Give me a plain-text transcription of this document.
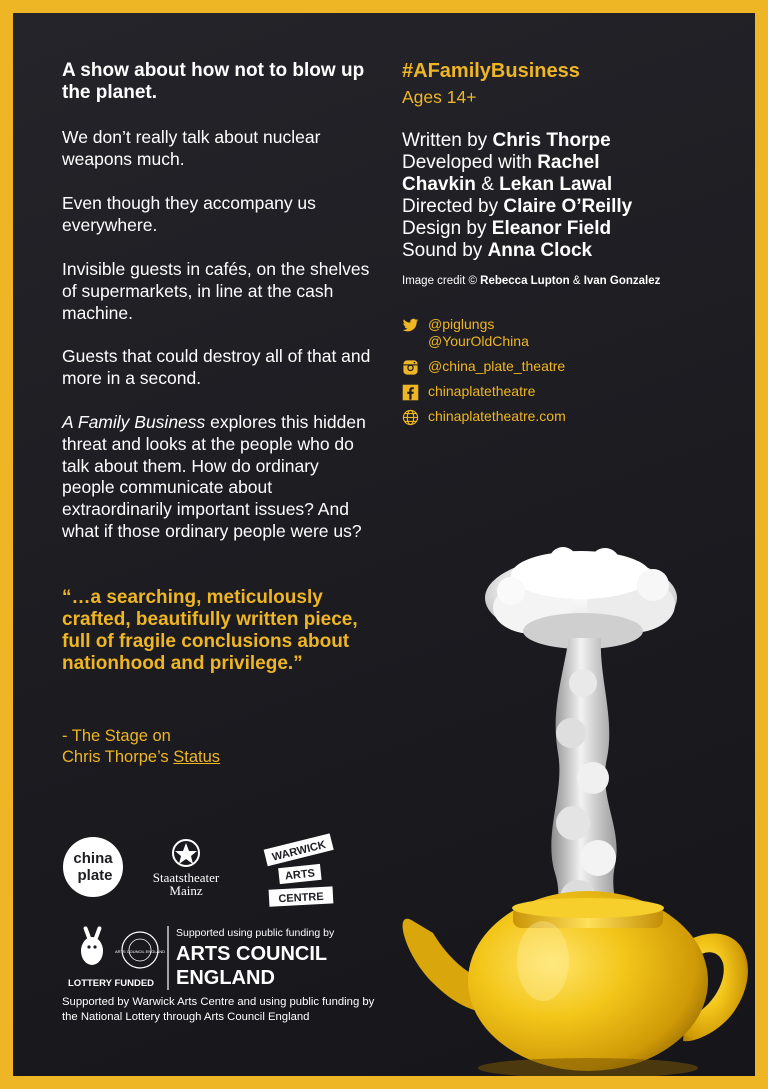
A show about how not to blow up the planet.
We don’t really talk about nuclear weapons much.
Even though they accompany us everywhere.
Invisible guests in cafés, on the shelves of supermarkets, in line at the cash machine.
Guests that could destroy all of that and more in a second.
A Family Business explores this hidden threat and looks at the people who do talk about them. How do ordinary people communicate about extraordinarily important issues? And what if those ordinary people were us?
“…a searching, meticulously crafted, beautifully written piece, full of fragile conclusions about nationhood and privilege.”
- The Stage on
Chris Thorpe’s Status
#AFamilyBusiness
Ages 14+
Written by Chris Thorpe
Developed with Rachel
Chavkin & Lekan Lawal
Directed by Claire O’Reilly
Design by Eleanor Field
Sound by Anna Clock
Image credit © Rebecca Lupton & Ivan Gonzalez
@piglungs
@YourOldChina
@china_plate_theatre
chinaplatetheatre
chinaplatetheatre.com
china
plate	Staatstheater
Mainz
WARWICK
ARTS
CENTRE
LOTTERY FUNDED
ARTS COUNCIL ENGLAND
Supported using public funding by
ARTS COUNCIL
ENGLAND
Supported by Warwick Arts Centre and using public funding by the National Lottery through Arts Council England
